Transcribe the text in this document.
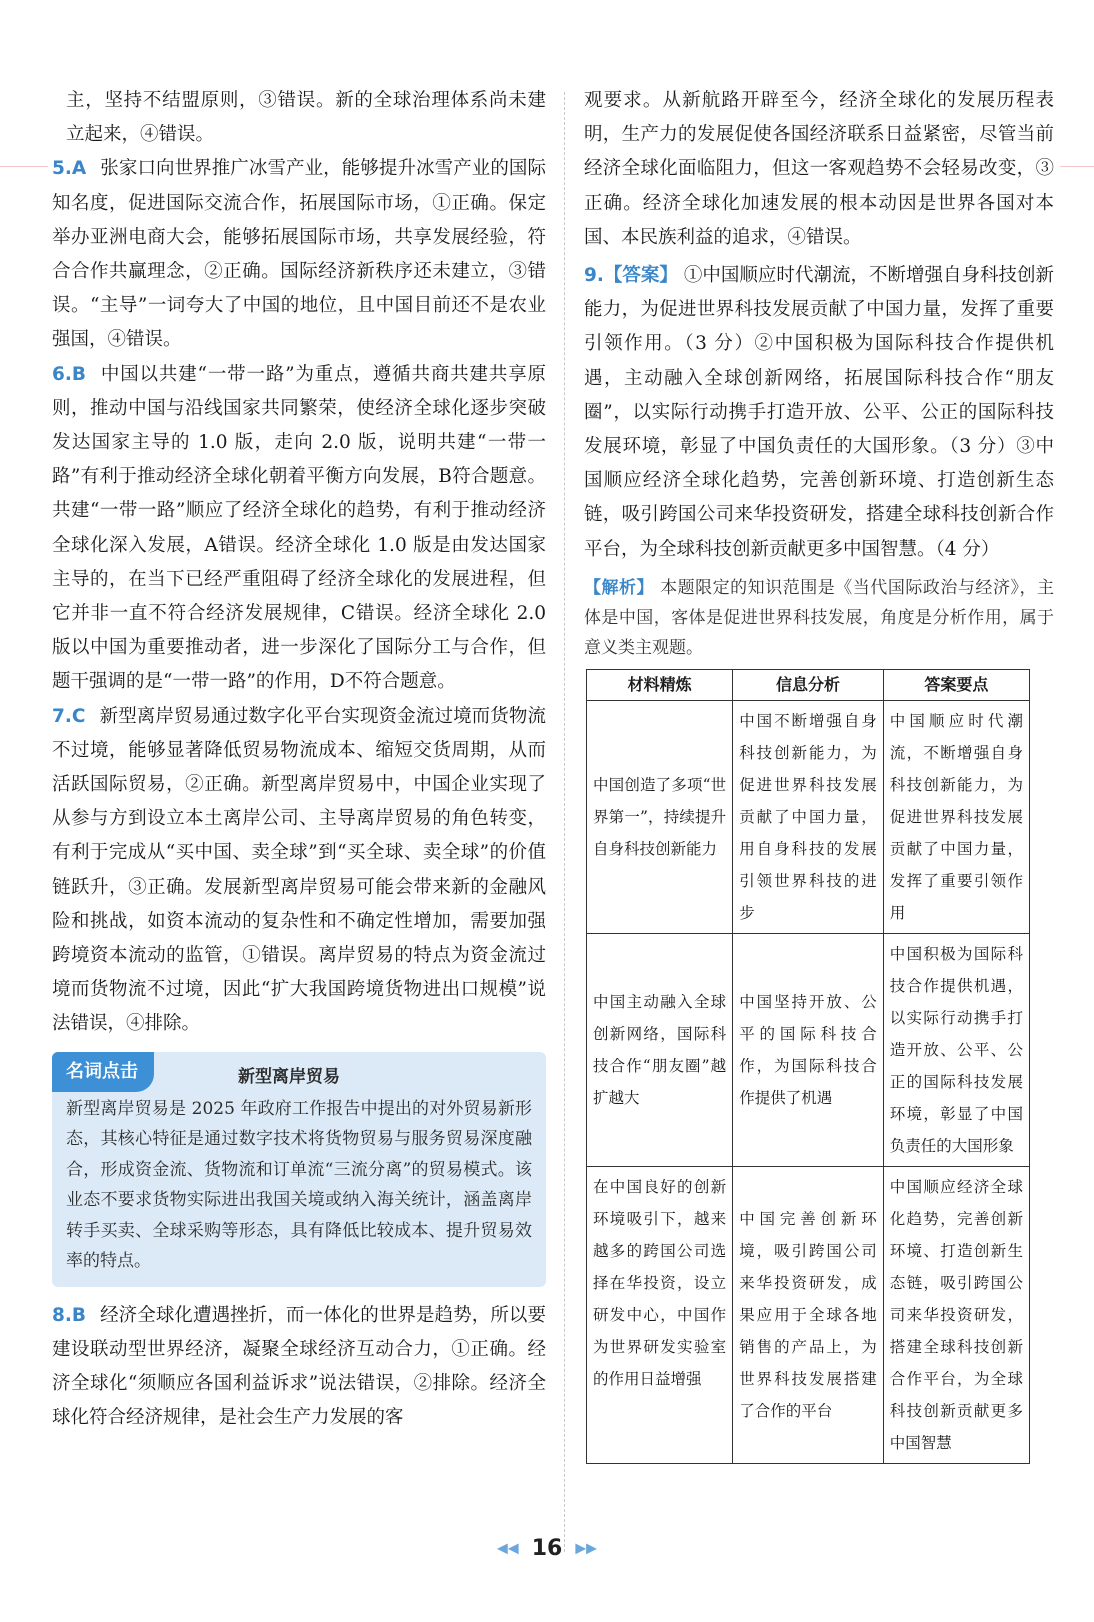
主，坚持不结盟原则，③错误。新的全球治理体系尚未建立起来，④错误。

5.A 张家口向世界推广冰雪产业，能够提升冰雪产业的国际知名度，促进国际交流合作，拓展国际市场，①正确。保定举办亚洲电商大会，能够拓展国际市场，共享发展经验，符合合作共赢理念，②正确。国际经济新秩序还未建立，③错误。“主导”一词夸大了中国的地位，且中国目前还不是农业强国，④错误。

6.B 中国以共建“一带一路”为重点，遵循共商共建共享原则，推动中国与沿线国家共同繁荣，使经济全球化逐步突破发达国家主导的 1.0 版，走向 2.0 版，说明共建“一带一路”有利于推动经济全球化朝着平衡方向发展，B符合题意。共建“一带一路”顺应了经济全球化的趋势，有利于推动经济全球化深入发展，A错误。经济全球化 1.0 版是由发达国家主导的，在当下已经严重阻碍了经济全球化的发展进程，但它并非一直不符合经济发展规律，C错误。经济全球化 2.0 版以中国为重要推动者，进一步深化了国际分工与合作，但题干强调的是“一带一路”的作用，D不符合题意。

7.C 新型离岸贸易通过数字化平台实现资金流过境而货物流不过境，能够显著降低贸易物流成本、缩短交货周期，从而活跃国际贸易，②正确。新型离岸贸易中，中国企业实现了从参与方到设立本土离岸公司、主导离岸贸易的角色转变，有利于完成从“买中国、卖全球”到“买全球、卖全球”的价值链跃升，③正确。发展新型离岸贸易可能会带来新的金融风险和挑战，如资本流动的复杂性和不确定性增加，需要加强跨境资本流动的监管，①错误。离岸贸易的特点为资金流过境而货物流不过境，因此“扩大我国跨境货物进出口规模”说法错误，④排除。

名词点击	新型离岸贸易

新型离岸贸易是 2025 年政府工作报告中提出的对外贸易新形态，其核心特征是通过数字技术将货物贸易与服务贸易深度融合，形成资金流、货物流和订单流“三流分离”的贸易模式。该业态不要求货物实际进出我国关境或纳入海关统计，涵盖离岸转手买卖、全球采购等形态，具有降低比较成本、提升贸易效率的特点。

8.B 经济全球化遭遇挫折，而一体化的世界是趋势，所以要建设联动型世界经济，凝聚全球经济互动合力，①正确。经济全球化“须顺应各国利益诉求”说法错误，②排除。经济全球化符合经济规律，是社会生产力发展的客

观要求。从新航路开辟至今，经济全球化的发展历程表明，生产力的发展促使各国经济联系日益紧密，尽管当前经济全球化面临阻力，但这一客观趋势不会轻易改变，③正确。经济全球化加速发展的根本动因是世界各国对本国、本民族利益的追求，④错误。

9.【答案】 ①中国顺应时代潮流，不断增强自身科技创新能力，为促进世界科技发展贡献了中国力量，发挥了重要引领作用。（3 分）②中国积极为国际科技合作提供机遇，主动融入全球创新网络，拓展国际科技合作“朋友圈”，以实际行动携手打造开放、公平、公正的国际科技发展环境，彰显了中国负责任的大国形象。（3 分）③中国顺应经济全球化趋势，完善创新环境、打造创新生态链，吸引跨国公司来华投资研发，搭建全球科技创新合作平台，为全球科技创新贡献更多中国智慧。（4 分）

【解析】 本题限定的知识范围是《当代国际政治与经济》，主体是中国，客体是促进世界科技发展，角度是分析作用，属于意义类主观题。

材料精炼	信息分析	答案要点
中国创造了多项“世界第一”，持续提升自身科技创新能力	中国不断增强自身科技创新能力，为促进世界科技发展贡献了中国力量，用自身科技的发展引领世界科技的进步	中国顺应时代潮流，不断增强自身科技创新能力，为促进世界科技发展贡献了中国力量，发挥了重要引领作用
中国主动融入全球创新网络，国际科技合作“朋友圈”越扩越大	中国坚持开放、公平的国际科技合作，为国际科技合作提供了机遇	中国积极为国际科技合作提供机遇，以实际行动携手打造开放、公平、公正的国际科技发展环境，彰显了中国负责任的大国形象
在中国良好的创新环境吸引下，越来越多的跨国公司选择在华投资，设立研发中心，中国作为世界研发实验室的作用日益增强	中国完善创新环境，吸引跨国公司来华投资研发，成果应用于全球各地销售的产品上，为世界科技发展搭建了合作的平台	中国顺应经济全球化趋势，完善创新环境、打造创新生态链，吸引跨国公司来华投资研发，搭建全球科技创新合作平台，为全球科技创新贡献更多中国智慧
◀◀ 16 ▶▶
